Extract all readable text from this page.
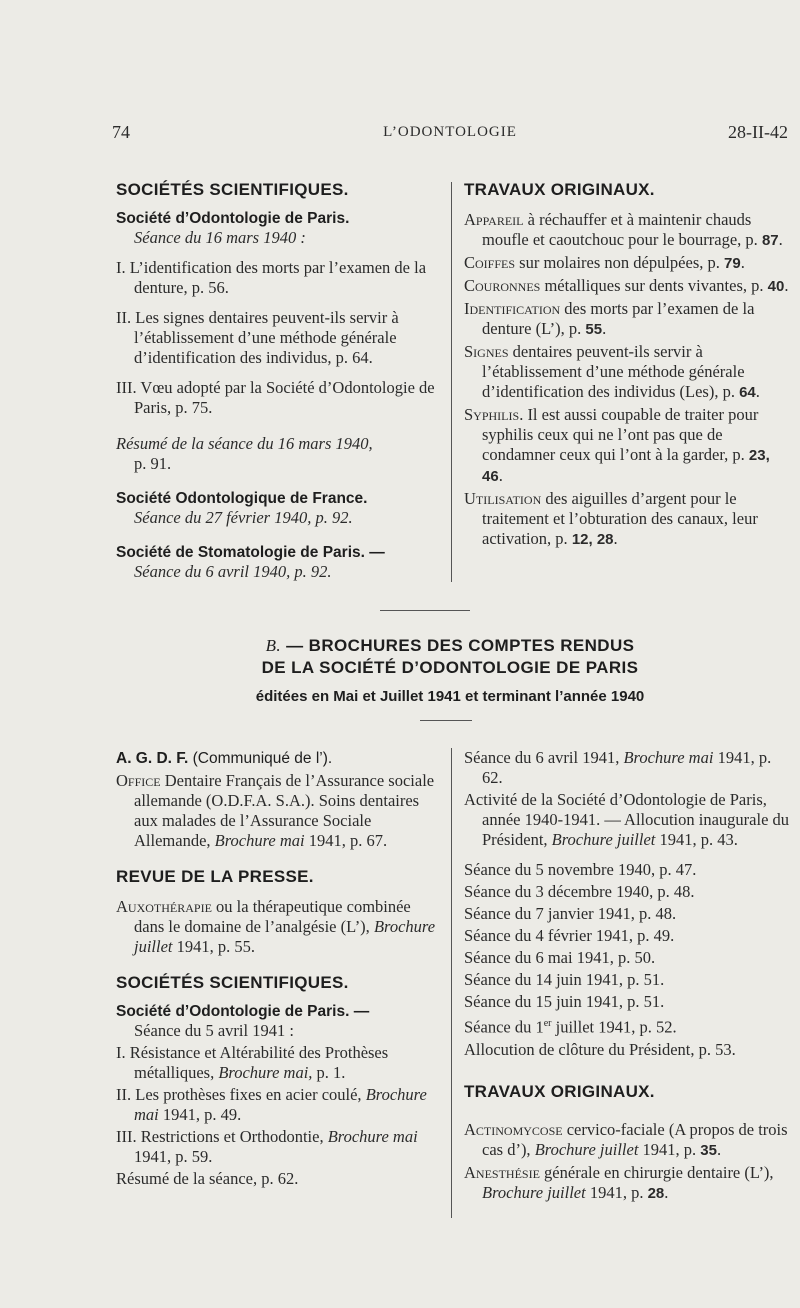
74	L’ODONTOLOGIE	28-II-42
SOCIÉTÉS SCIENTIFIQUES.
Société d’Odontologie de Paris.
Séance du 16 mars 1940 :
I. L’identification des morts par l’examen de la denture, p. 56.
II. Les signes dentaires peuvent-ils servir à l’établissement d’une méthode générale d’identification des individus, p. 64.
III. Vœu adopté par la Société d’Odontologie de Paris, p. 75.
Résumé de la séance du 16 mars 1940,
p. 91.
Société Odontologique de France.
Séance du 27 février 1940, p. 92.
Société de Stomatologie de Paris. —
Séance du 6 avril 1940, p. 92.
TRAVAUX ORIGINAUX.
Appareil à réchauffer et à maintenir chauds moufle et caoutchouc pour le bourrage, p. 87.
Coiffes sur molaires non dépulpées, p. 79.
Couronnes métalliques sur dents vivantes, p. 40.
Identification des morts par l’examen de la denture (L’), p. 55.
Signes dentaires peuvent-ils servir à l’établissement d’une méthode générale d’identification des individus (Les), p. 64.
Syphilis. Il est aussi coupable de traiter pour syphilis ceux qui ne l’ont pas que de condamner ceux qui l’ont à la garder, p. 23, 46.
Utilisation des aiguilles d’argent pour le traitement et l’obturation des canaux, leur activation, p. 12, 28.
B. — BROCHURES DES COMPTES RENDUS
DE LA SOCIÉTÉ D’ODONTOLOGIE DE PARIS
éditées en Mai et Juillet 1941 et terminant l’année 1940
A. G. D. F. (Communiqué de l’).
Office Dentaire Français de l’Assurance sociale allemande (O.D.F.A. S.A.). Soins dentaires aux malades de l’Assurance Sociale Allemande, Brochure mai 1941, p. 67.
REVUE DE LA PRESSE.
Auxothérapie ou la thérapeutique combinée dans le domaine de l’analgésie (L’), Brochure juillet 1941, p. 55.
SOCIÉTÉS SCIENTIFIQUES.
Société d’Odontologie de Paris. —
Séance du 5 avril 1941 :
I. Résistance et Altérabilité des Prothèses métalliques, Brochure mai, p. 1.
II. Les prothèses fixes en acier coulé, Brochure mai 1941, p. 49.
III. Restrictions et Orthodontie, Brochure mai 1941, p. 59.
Résumé de la séance, p. 62.
Séance du 6 avril 1941, Brochure mai 1941, p. 62.
Activité de la Société d’Odontologie de Paris, année 1940-1941. — Allocution inaugurale du Président, Brochure juillet 1941, p. 43.
Séance du 5 novembre 1940, p. 47.
Séance du 3 décembre 1940, p. 48.
Séance du 7 janvier 1941, p. 48.
Séance du 4 février 1941, p. 49.
Séance du 6 mai 1941, p. 50.
Séance du 14 juin 1941, p. 51.
Séance du 15 juin 1941, p. 51.
Séance du 1er juillet 1941, p. 52.
Allocution de clôture du Président, p. 53.
TRAVAUX ORIGINAUX.
Actinomycose cervico-faciale (A propos de trois cas d’), Brochure juillet 1941, p. 35.
Anesthésie générale en chirurgie dentaire (L’), Brochure juillet 1941, p. 28.
